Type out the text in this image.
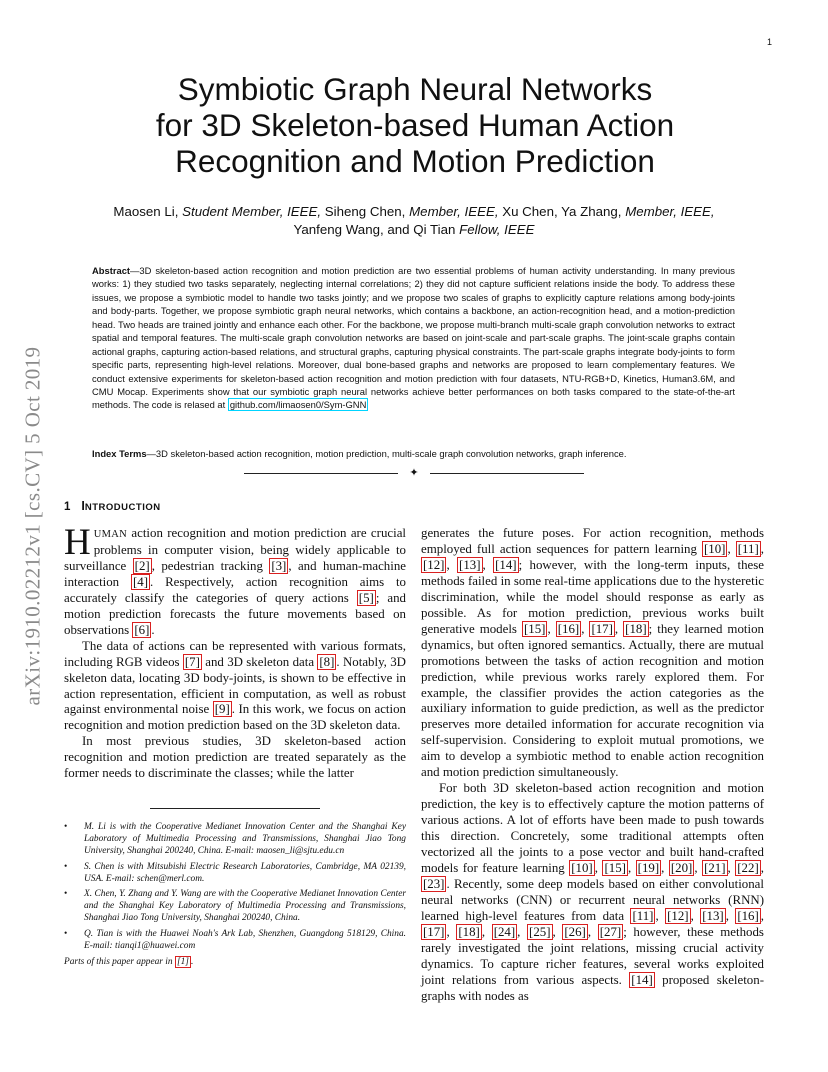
1
arXiv:1910.02212v1 [cs.CV] 5 Oct 2019
Symbiotic Graph Neural Networks
for 3D Skeleton-based Human Action
Recognition and Motion Prediction
Maosen Li, Student Member, IEEE, Siheng Chen, Member, IEEE, Xu Chen, Ya Zhang, Member, IEEE,
Yanfeng Wang, and Qi Tian Fellow, IEEE
Abstract—3D skeleton-based action recognition and motion prediction are two essential problems of human activity understanding. In many previous works: 1) they studied two tasks separately, neglecting internal correlations; 2) they did not capture sufficient relations inside the body. To address these issues, we propose a symbiotic model to handle two tasks jointly; and we propose two scales of graphs to explicitly capture relations among body-joints and body-parts. Together, we propose symbiotic graph neural networks, which contains a backbone, an action-recognition head, and a motion-prediction head. Two heads are trained jointly and enhance each other. For the backbone, we propose multi-branch multi-scale graph convolution networks to extract spatial and temporal features. The multi-scale graph convolution networks are based on joint-scale and part-scale graphs. The joint-scale graphs contain actional graphs, capturing action-based relations, and structural graphs, capturing physical constraints. The part-scale graphs integrate body-joints to form specific parts, representing high-level relations. Moreover, dual bone-based graphs and networks are proposed to learn complementary features. We conduct extensive experiments for skeleton-based action recognition and motion prediction with four datasets, NTU-RGB+D, Kinetics, Human3.6M, and CMU Mocap. Experiments show that our symbiotic graph neural networks achieve better performances on both tasks compared to the state-of-the-art methods. The code is relased at github.com/limaosen0/Sym-GNN
Index Terms—3D skeleton-based action recognition, motion prediction, multi-scale graph convolution networks, graph inference.
✦
1 INTRODUCTION

HUMAN action recognition and motion prediction are crucial problems in computer vision, being widely applicable to surveillance [2] , pedestrian tracking [3] , and human-machine interaction [4] . Respectively, action recognition aims to accurately classify the categories of query actions [5] ; and motion prediction forecasts the future movements based on observations [6] .

The data of actions can be represented with various formats, including RGB videos [7] and 3D skeleton data [8] . Notably, 3D skeleton data, locating 3D body-joints, is shown to be effective in action representation, efficient in computation, as well as robust against environmental noise [9] . In this work, we focus on action recognition and motion prediction based on the 3D skeleton data.

In most previous studies, 3D skeleton-based action recognition and motion prediction are treated separately as the former needs to discriminate the classes; while the latter

• M. Li is with the Cooperative Medianet Innovation Center and the Shanghai Key Laboratory of Multimedia Processing and Transmissions, Shanghai Jiao Tong University, Shanghai 200240, China. E-mail: maosen_li@sjtu.edu.cn
• S. Chen is with Mitsubishi Electric Research Laboratories, Cambridge, MA 02139, USA. E-mail: schen@merl.com.
• X. Chen, Y. Zhang and Y. Wang are with the Cooperative Medianet Innovation Center and the Shanghai Key Laboratory of Multimedia Processing and Transmissions, Shanghai Jiao Tong University, Shanghai 200240, China.
• Q. Tian is with the Huawei Noah's Ark Lab, Shenzhen, Guangdong 518129, China. E-mail: tianqi1@huawei.com
Parts of this paper appear in [1] .

generates the future poses. For action recognition, methods employed full action sequences for pattern learning [10] , [11] , [12] , [13] , [14] ; however, with the long-term inputs, these methods failed in some real-time applications due to the hysteretic discrimination, while the model should response as early as possible. As for motion prediction, previous works built generative models [15] , [16] , [17] , [18] ; they learned motion dynamics, but often ignored semantics. Actually, there are mutual promotions between the tasks of action recognition and motion prediction, while previous works rarely explored them. For example, the classifier provides the action categories as the auxiliary information to guide prediction, as well as the predictor preserves more detailed information for accurate recognition via self-supervision. Considering to exploit mutual promotions, we aim to develop a symbiotic method to enable action recognition and motion prediction simultaneously.

For both 3D skeleton-based action recognition and motion prediction, the key is to effectively capture the motion patterns of various actions. A lot of efforts have been made to push towards this direction. Concretely, some traditional attempts often vectorized all the joints to a pose vector and built hand-crafted models for feature learning [10] , [15] , [19] , [20] , [21] , [22] , [23] . Recently, some deep models based on either convolutional neural networks (CNN) or recurrent neural networks (RNN) learned high-level features from data [11] , [12] , [13] , [16] , [17] , [18] , [24] , [25] , [26] , [27] ; however, these methods rarely investigated the joint relations, missing crucial activity dynamics. To capture richer features, several works exploited joint relations from various aspects. [14] proposed skeleton-graphs with nodes as
